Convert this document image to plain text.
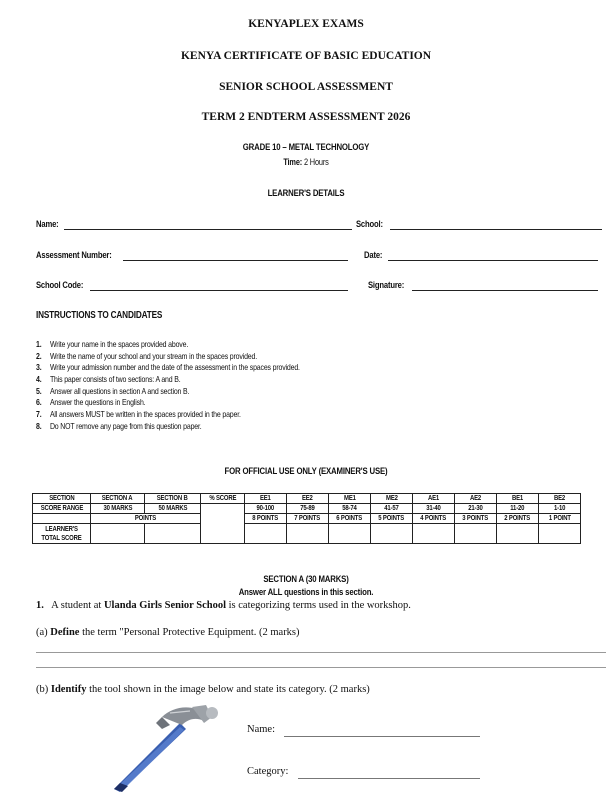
KENYAPLEX EXAMS
KENYA CERTIFICATE OF BASIC EDUCATION
SENIOR SCHOOL ASSESSMENT
TERM 2 ENDTERM ASSESSMENT 2026
GRADE 10 – METAL TECHNOLOGY
Time: 2 Hours
LEARNER'S DETAILS
Name:	School:
Assessment Number:	Date:
School Code:	Signature:
INSTRUCTIONS TO CANDIDATES
1. Write your name in the spaces provided above.
2. Write the name of your school and your stream in the spaces provided.
3. Write your admission number and the date of the assessment in the spaces provided.
4. This paper consists of two sections: A and B.
5. Answer all questions in section A and section B.
6. Answer the questions in English.
7. All answers MUST be written in the spaces provided in the paper.
8. Do NOT remove any page from this question paper.
FOR OFFICIAL USE ONLY (EXAMINER'S USE)
SECTION	SECTION A	SECTION B	% SCORE	EE1	EE2	ME1	ME2	AE1	AE2	BE1	BE2
SCORE RANGE	30 MARKS	50 MARKS		90-100	75-89	58-74	41-57	31-40	21-30	11-20	1-10
	POINTS			8 POINTS	7 POINTS	6 POINTS	5 POINTS	4 POINTS	3 POINTS	2 POINTS	1 POINT
LEARNER'S TOTAL SCORE											
SECTION A (30 MARKS)
Answer ALL questions in this section.
1. A student at Ulanda Girls Senior School is categorizing terms used in the workshop.
(a) Define the term "Personal Protective Equipment. (2 marks)
(b) Identify the tool shown in the image below and state its category. (2 marks)
Name:
Category:
